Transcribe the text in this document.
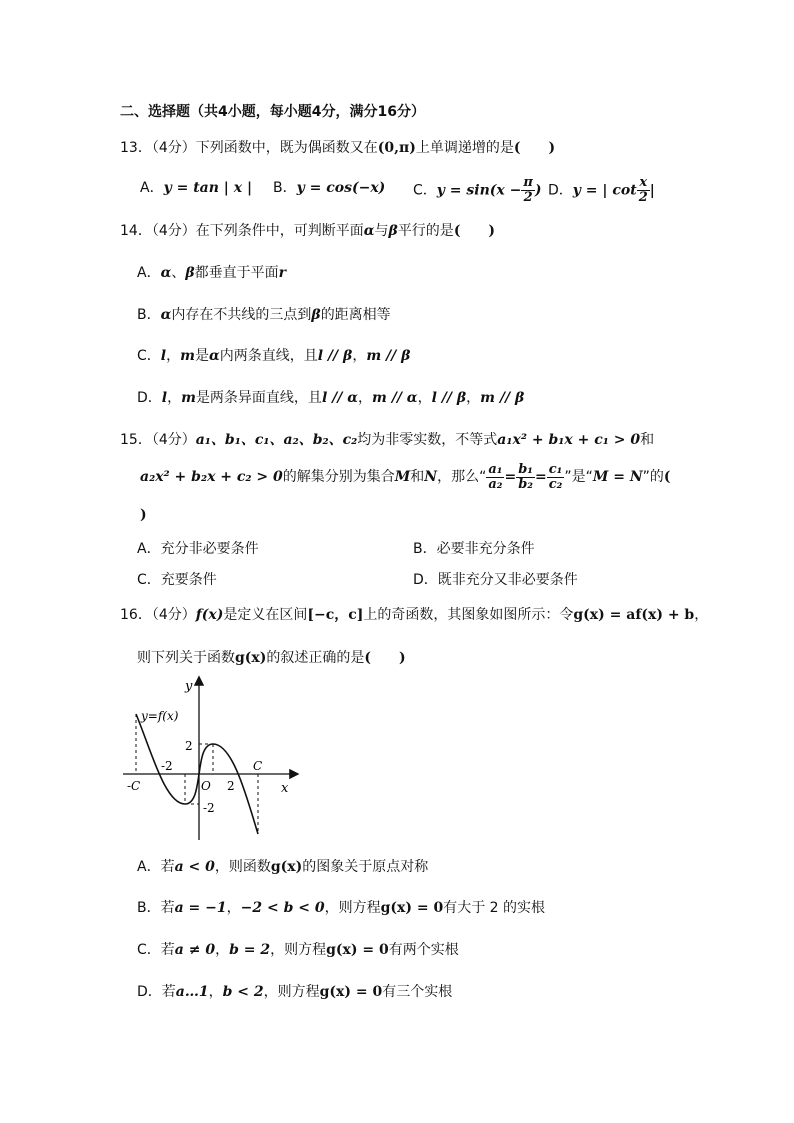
二、选择题（共4小题，每小题4分，满分16分）
13．（4分）下列函数中，既为偶函数又在(0,π)上单调递增的是(　　)
A．y = tan | x | B．y = cos(−x) C．$y = \sin(x - \frac{\pi}{2}$ ) D．y = | $\cot \frac{x}{2}$ |
14．（4分）在下列条件中，可判断平面α与β平行的是(　　)
A．α、β都垂直于平面r
B．α内存在不共线的三点到β的距离相等
C．l，m是α内两条直线，且l // β，m // β
D．l，m是两条异面直线，且l // α，m // α，l // β，m // β
15．（4分）a₁、b₁、c₁、a₂、b₂、c₂均为非零实数，不等式a₁x² + b₁x + c₁ > 0和
a₂x² + b₂x + c₂ > 0的解集分别为集合M和N，那么“ $\frac{\text{a₁}}{\text{a₂}} = \frac{\text{b₁}}{\text{b₂}} = \frac{\text{c₁}}{\text{c₂}}$ ”是“M = N”的(
)
A．充分非必要条件	B．必要非充分条件
C．充要条件	D．既非充分又非必要条件
16．（4分）f(x)是定义在区间[−c，c]上的奇函数，其图象如图所示：令g(x) = af(x) + b，
则下列关于函数g(x)的叙述正确的是(　　)
y
x
y=f(x)
-C
C
O
2
-2
-2
2
A．若a < 0，则函数g(x)的图象关于原点对称
B．若a = −1，−2 < b < 0，则方程g(x) = 0有大于 2 的实根
C．若a ≠ 0，b = 2，则方程g(x) = 0有两个实根
D．若a…1，b < 2，则方程g(x) = 0有三个实根
